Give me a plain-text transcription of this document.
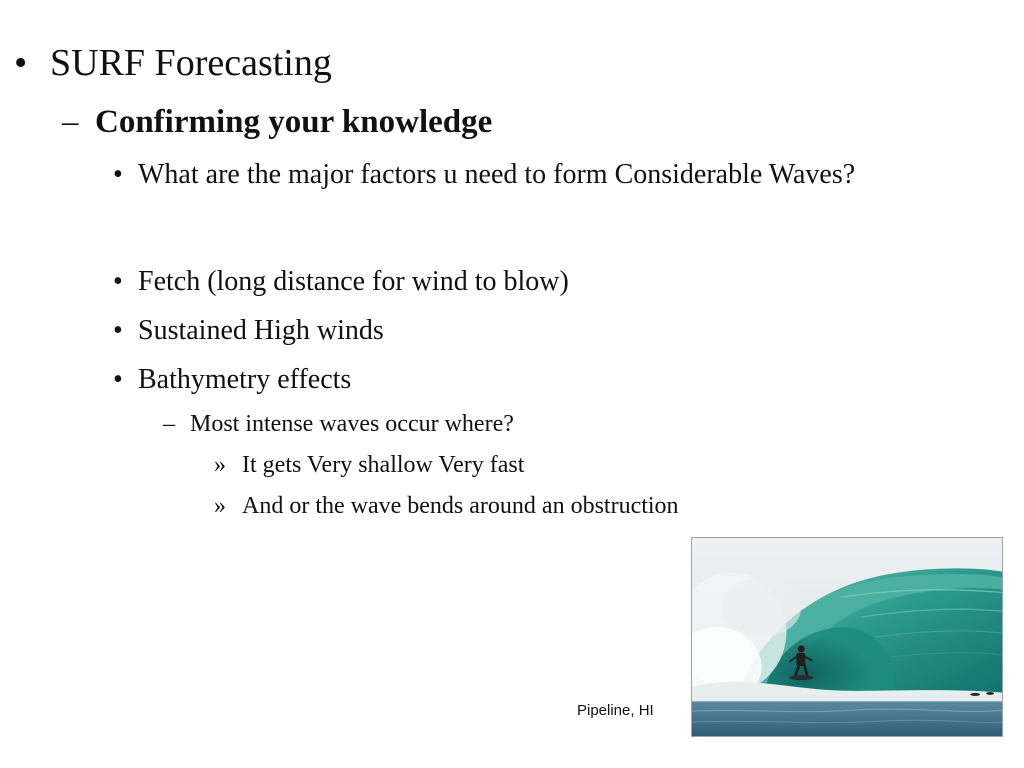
• SURF Forecasting
– Confirming your knowledge
• What are the major factors u need to form Considerable Waves?
• Fetch (long distance for wind to blow)
• Sustained High winds
• Bathymetry effects
– Most intense waves occur where?
» It gets Very shallow Very fast
» And or the wave bends around an obstruction
Pipeline, HI
